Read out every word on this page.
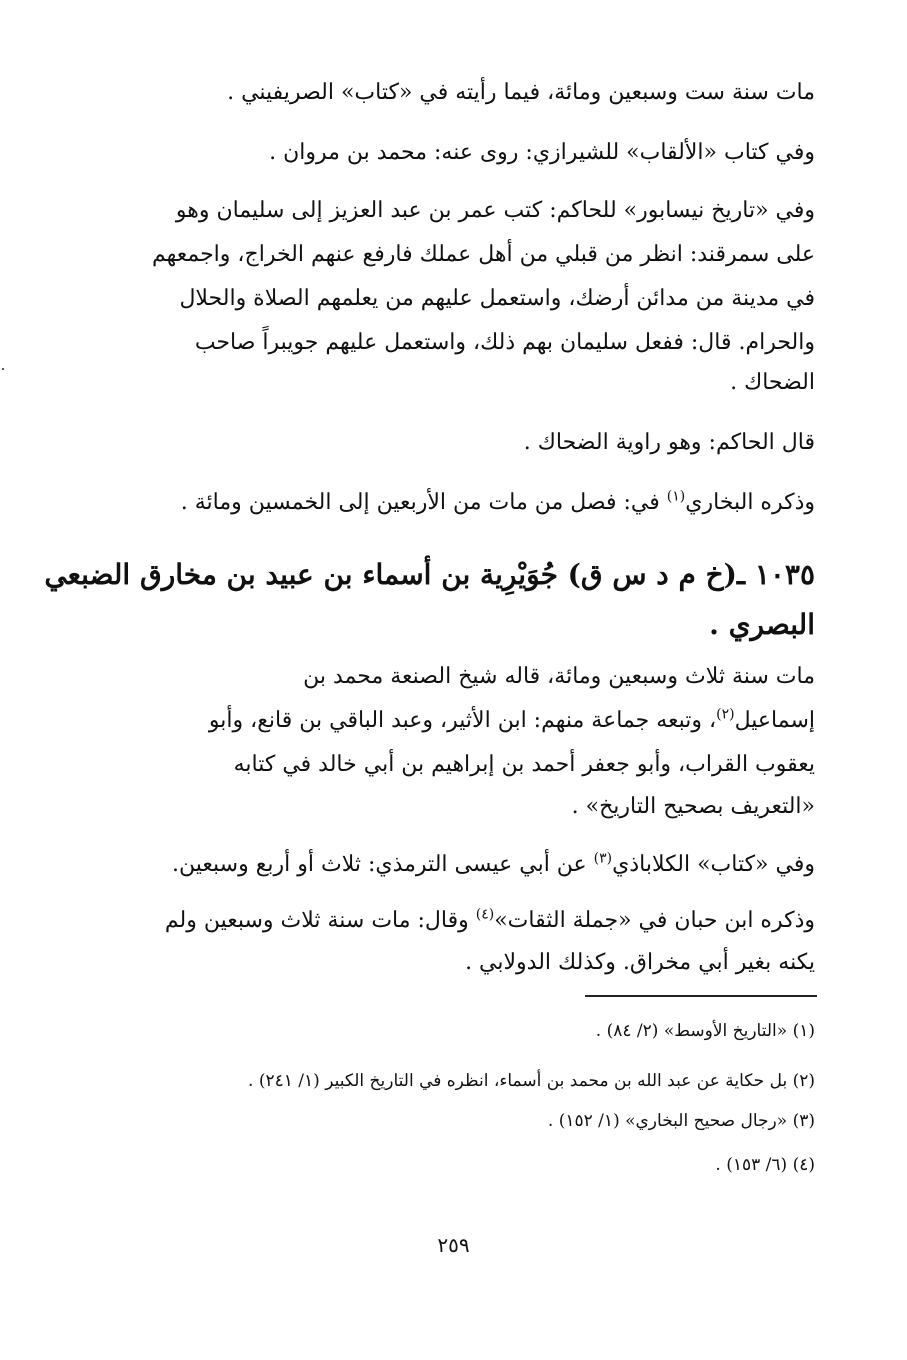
مات سنة ست وسبعين ومائة، فيما رأيته في «كتاب» الصريفيني .
وفي كتاب «الألقاب» للشيرازي: روى عنه: محمد بن مروان .
وفي «تاريخ نيسابور» للحاكم: كتب عمر بن عبد العزيز إلى سليمان وهو
على سمرقند: انظر من قبلي من أهل عملك فارفع عنهم الخراج، واجمعهم
في مدينة من مدائن أرضك، واستعمل عليهم من يعلمهم الصلاة والحلال
والحرام. قال: ففعل سليمان بهم ذلك، واستعمل عليهم جويبراً صاحب
الضحاك .
قال الحاكم: وهو راوية الضحاك .
وذكره البخاري$^{(١)}$ في: فصل من مات من الأربعين إلى الخمسين ومائة .
١٠٣٥ ـ(خ م د س ق) جُوَيْرِية بن أسماء بن عبيد بن مخارق الضبعي
البصري .
مات سنة ثلاث وسبعين ومائة، قاله شيخ الصنعة محمد بن
إسماعيل$^{(٢)}$، وتبعه جماعة منهم: ابن الأثير، وعبد الباقي بن قانع، وأبو
يعقوب القراب، وأبو جعفر أحمد بن إبراهيم بن أبي خالد في كتابه
«التعريف بصحيح التاريخ» .
وفي «كتاب» الكلاباذي$^{(٣)}$ عن أبي عيسى الترمذي: ثلاث أو أربع وسبعين.
وذكره ابن حبان في «جملة الثقات»$^{(٤)}$ وقال: مات سنة ثلاث وسبعين ولم
يكنه بغير أبي مخراق. وكذلك الدولابي .
(١) «التاريخ الأوسط» (٢/ ٨٤) .
(٢) بل حكاية عن عبد الله بن محمد بن أسماء، انظره في التاريخ الكبير (١/ ٢٤١) .
(٣) «رجال صحيح البخاري» (١/ ١٥٢) .
(٤) (٦/ ١٥٣) .
٢٥٩
